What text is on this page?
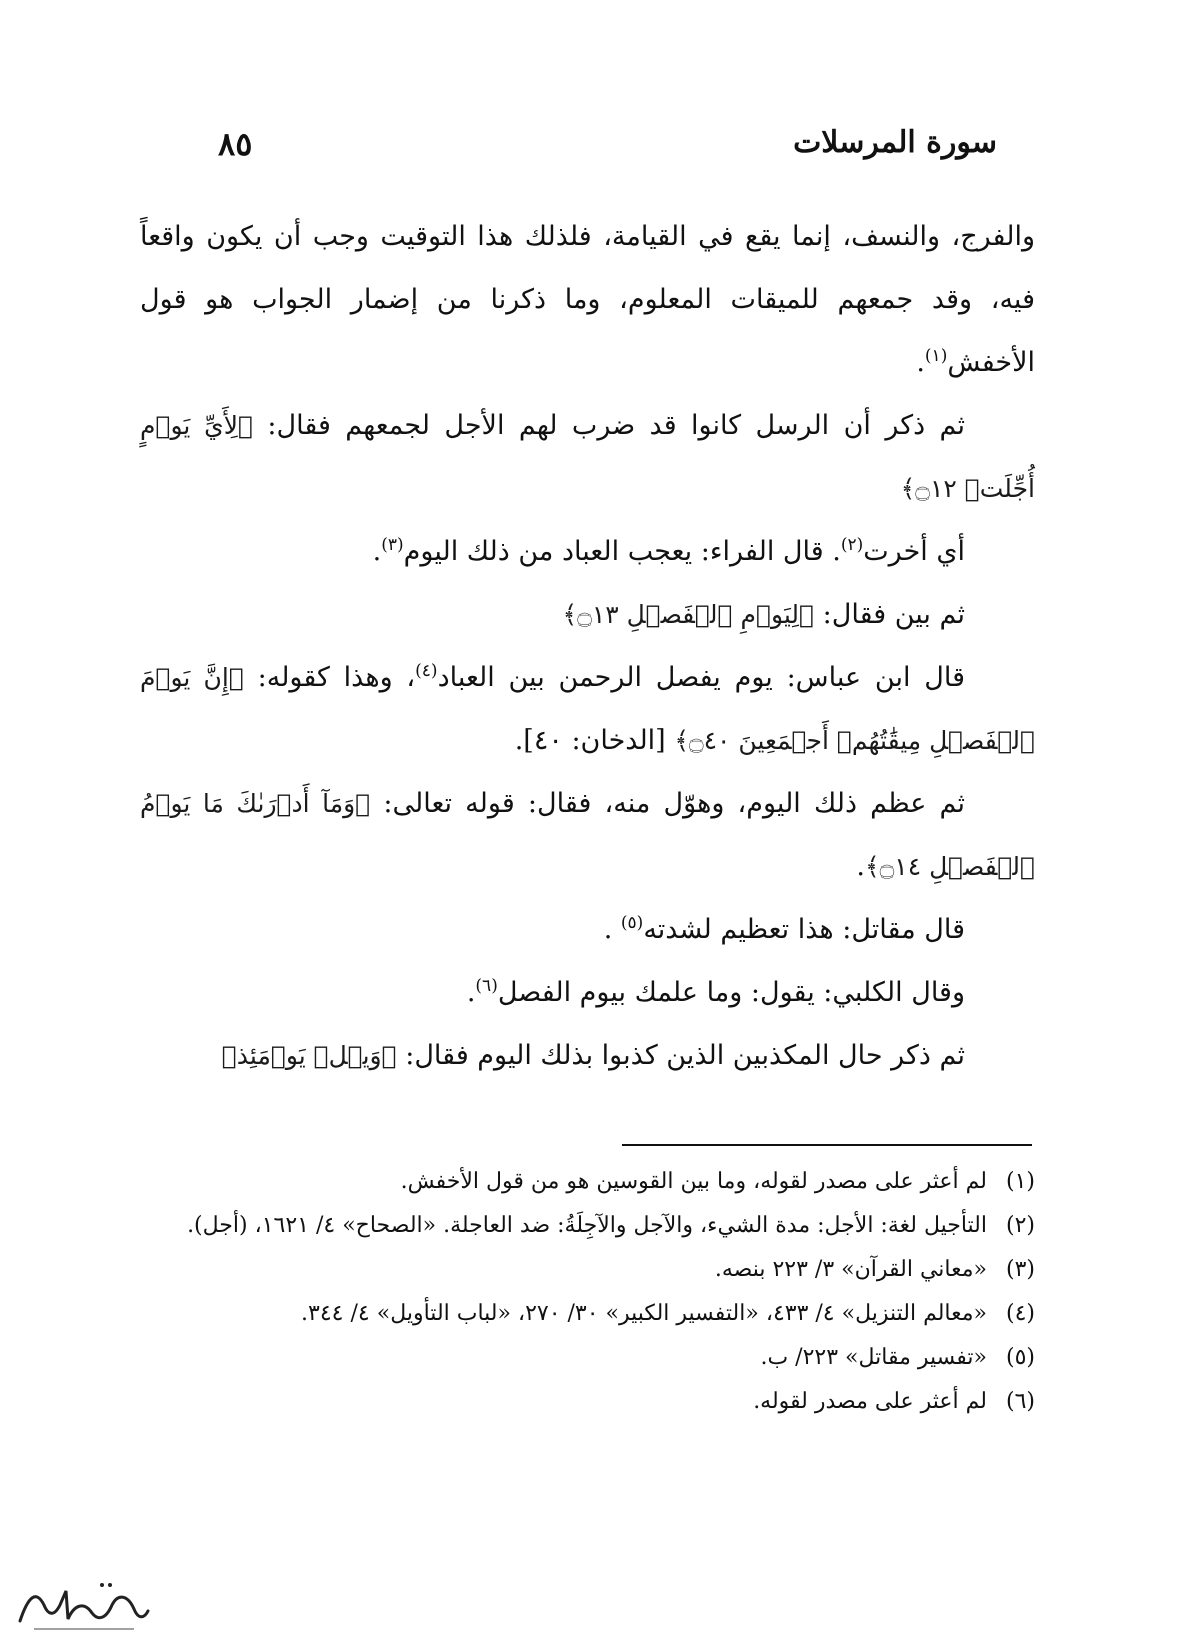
سورة المرسلات
٨٥

والفرج، والنسف، إنما يقع في القيامة، فلذلك هذا التوقيت وجب أن يكون واقعاً فيه، وقد جمعهم للميقات المعلوم، وما ذكرنا من إضمار الجواب هو قول الأخفش$^{(١)}$.

ثم ذكر أن الرسل كانوا قد ضرب لهم الأجل لجمعهم فقال: ﴿لِأَيِّ يَوۡمٍ أُجِّلَتۡ ۝١٢﴾

أي أخرت$^{(٢)}$. قال الفراء: يعجب العباد من ذلك اليوم$^{(٣)}$.

ثم بين فقال: ﴿لِيَوۡمِ ٱلۡفَصۡلِ ۝١٣﴾

قال ابن عباس: يوم يفصل الرحمن بين العباد$^{(٤)}$، وهذا كقوله: ﴿إِنَّ يَوۡمَ ٱلۡفَصۡلِ مِيقَٰتُهُمۡ أَجۡمَعِينَ ۝٤٠﴾ [الدخان: ٤٠].

ثم عظم ذلك اليوم، وهوّل منه، فقال: قوله تعالى: ﴿وَمَآ أَدۡرَىٰكَ مَا يَوۡمُ ٱلۡفَصۡلِ ۝١٤﴾.

قال مقاتل: هذا تعظيم لشدته$^{(٥)}$ .

وقال الكلبي: يقول: وما علمك بيوم الفصل$^{(٦)}$.

ثم ذكر حال المكذبين الذين كذبوا بذلك اليوم فقال: ﴿وَيۡلٞ يَوۡمَئِذٖ

(١)
لم أعثر على مصدر لقوله، وما بين القوسين هو من قول الأخفش.

(٢)
التأجيل لغة: الأجل: مدة الشيء، والآجل والآجِلَةُ: ضد العاجلة. «الصحاح» ٤/ ١٦٢١، (أجل).

(٣)
«معاني القرآن» ٣/ ٢٢٣ بنصه.

(٤)
«معالم التنزيل» ٤/ ٤٣٣، «التفسير الكبير» ٣٠/ ٢٧٠، «لباب التأويل» ٤/ ٣٤٤.

(٥)
«تفسير مقاتل» ٢٢٣/ ب.

(٦)
لم أعثر على مصدر لقوله.
